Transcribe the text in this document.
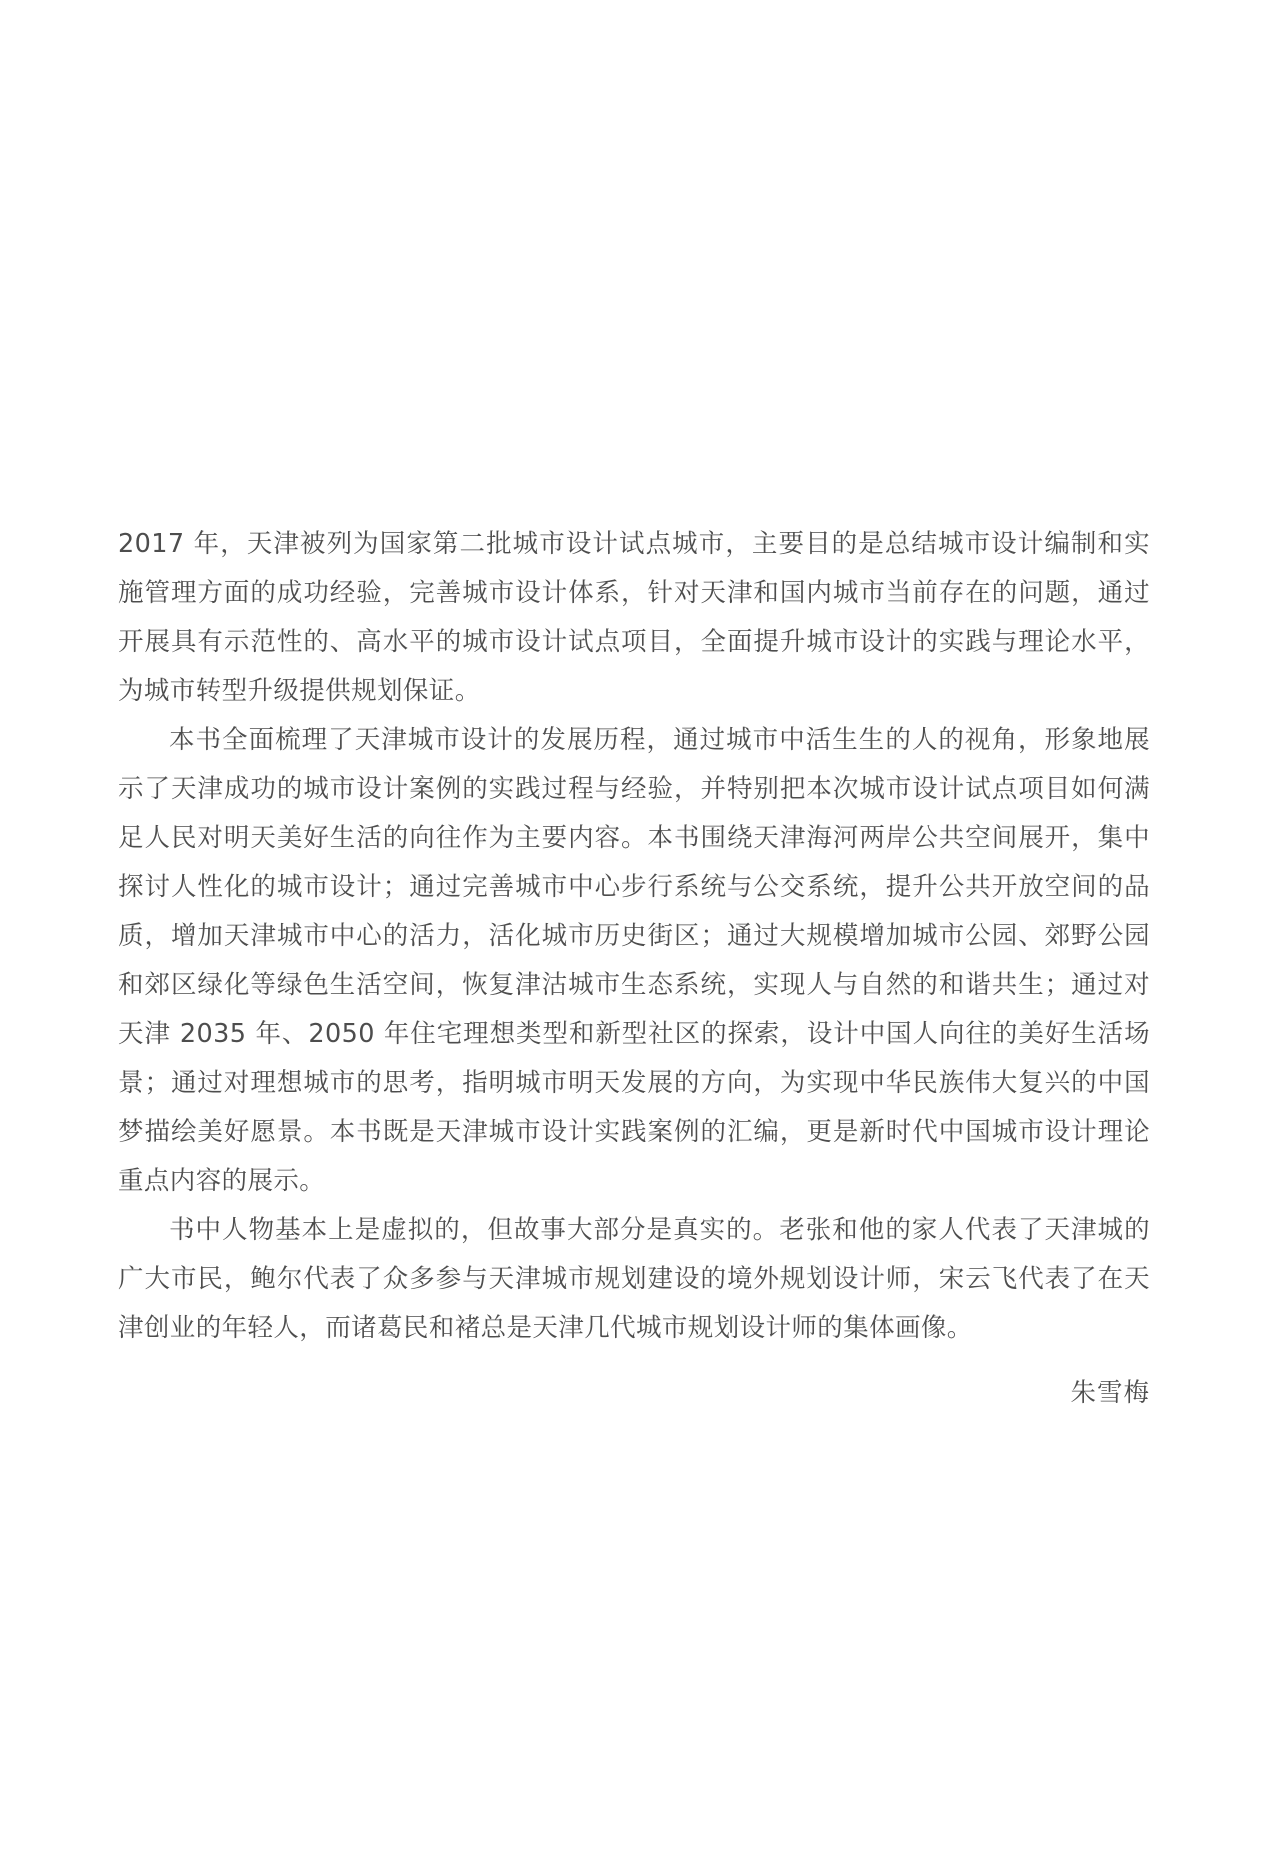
2017 年，天津被列为国家第二批城市设计试点城市，主要目的是总结城市设计编制和实施管理方面的成功经验，完善城市设计体系，针对天津和国内城市当前存在的问题，通过开展具有示范性的、高水平的城市设计试点项目，全面提升城市设计的实践与理论水平，为城市转型升级提供规划保证。

本书全面梳理了天津城市设计的发展历程，通过城市中活生生的人的视角，形象地展示了天津成功的城市设计案例的实践过程与经验，并特别把本次城市设计试点项目如何满足人民对明天美好生活的向往作为主要内容。本书围绕天津海河两岸公共空间展开，集中探讨人性化的城市设计；通过完善城市中心步行系统与公交系统，提升公共开放空间的品质，增加天津城市中心的活力，活化城市历史街区；通过大规模增加城市公园、郊野公园和郊区绿化等绿色生活空间，恢复津沽城市生态系统，实现人与自然的和谐共生；通过对天津 2035 年、2050 年住宅理想类型和新型社区的探索，设计中国人向往的美好生活场景；通过对理想城市的思考，指明城市明天发展的方向，为实现中华民族伟大复兴的中国梦描绘美好愿景。本书既是天津城市设计实践案例的汇编，更是新时代中国城市设计理论重点内容的展示。

书中人物基本上是虚拟的，但故事大部分是真实的。老张和他的家人代表了天津城的广大市民，鲍尔代表了众多参与天津城市规划建设的境外规划设计师，宋云飞代表了在天津创业的年轻人，而诸葛民和褚总是天津几代城市规划设计师的集体画像。

朱雪梅
